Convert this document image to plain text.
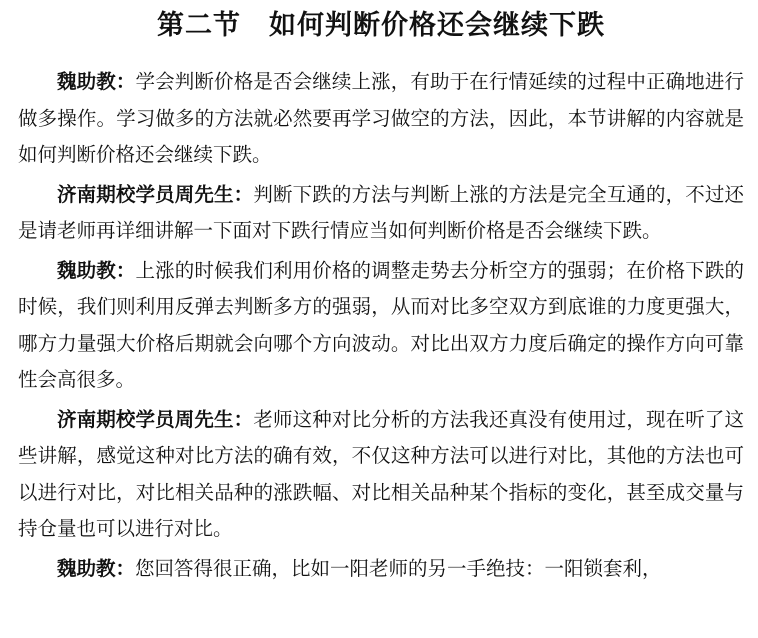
第二节　如何判断价格还会继续下跌

魏助教：学会判断价格是否会继续上涨，有助于在行情延续的过程中正确地进行做多操作。学习做多的方法就必然要再学习做空的方法，因此，本节讲解的内容就是如何判断价格还会继续下跌。

济南期校学员周先生：判断下跌的方法与判断上涨的方法是完全互通的，不过还是请老师再详细讲解一下面对下跌行情应当如何判断价格是否会继续下跌。

魏助教：上涨的时候我们利用价格的调整走势去分析空方的强弱；在价格下跌的时候，我们则利用反弹去判断多方的强弱，从而对比多空双方到底谁的力度更强大，哪方力量强大价格后期就会向哪个方向波动。对比出双方力度后确定的操作方向可靠性会高很多。

济南期校学员周先生：老师这种对比分析的方法我还真没有使用过，现在听了这些讲解，感觉这种对比方法的确有效，不仅这种方法可以进行对比，其他的方法也可以进行对比，对比相关品种的涨跌幅、对比相关品种某个指标的变化，甚至成交量与持仓量也可以进行对比。

魏助教：您回答得很正确，比如一阳老师的另一手绝技：一阳锁套利，
